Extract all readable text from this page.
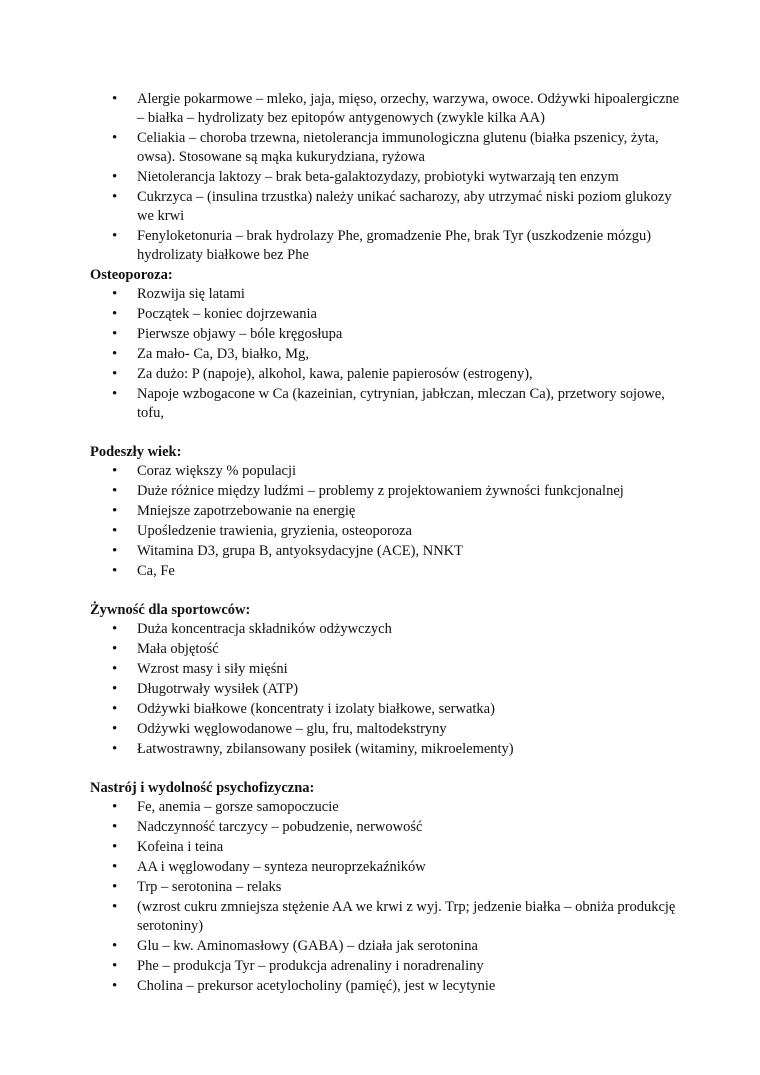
• Alergie pokarmowe – mleko, jaja, mięso, orzechy, warzywa, owoce. Odżywki hipoalergiczne – białka – hydrolizaty bez epitopów antygenowych (zwykle kilka AA)
• Celiakia – choroba trzewna, nietolerancja immunologiczna glutenu (białka pszenicy, żyta, owsa). Stosowane są mąka kukurydziana, ryżowa
• Nietolerancja laktozy – brak beta-galaktozydazy, probiotyki wytwarzają ten enzym
• Cukrzyca – (insulina trzustka) należy unikać sacharozy, aby utrzymać niski poziom glukozy we krwi
• Fenyloketonuria – brak hydrolazy Phe, gromadzenie Phe, brak Tyr (uszkodzenie mózgu) hydrolizaty białkowe bez Phe
Osteoporoza:
• Rozwija się latami
• Początek – koniec dojrzewania
• Pierwsze objawy – bóle kręgosłupa
• Za mało- Ca, D3, białko, Mg,
• Za dużo: P (napoje), alkohol, kawa, palenie papierosów (estrogeny),
• Napoje wzbogacone w Ca (kazeinian, cytrynian, jabłczan, mleczan Ca), przetwory sojowe, tofu,
Podeszły wiek:
• Coraz większy % populacji
• Duże różnice między ludźmi – problemy z projektowaniem żywności funkcjonalnej
• Mniejsze zapotrzebowanie na energię
• Upośledzenie trawienia, gryzienia, osteoporoza
• Witamina D3, grupa B, antyoksydacyjne (ACE), NNKT
• Ca, Fe
Żywność dla sportowców:
• Duża koncentracja składników odżywczych
• Mała objętość
• Wzrost masy i siły mięśni
• Długotrwały wysiłek (ATP)
• Odżywki białkowe (koncentraty i izolaty białkowe, serwatka)
• Odżywki węglowodanowe – glu, fru, maltodekstryny
• Łatwostrawny, zbilansowany posiłek (witaminy, mikroelementy)
Nastrój i wydolność psychofizyczna:
• Fe, anemia – gorsze samopoczucie
• Nadczynność tarczycy – pobudzenie, nerwowość
• Kofeina i teina
• AA i węglowodany – synteza neuroprzekaźników
• Trp – serotonina – relaks
• (wzrost cukru zmniejsza stężenie AA we krwi z wyj. Trp; jedzenie białka – obniża produkcję serotoniny)
• Glu – kw. Aminomasłowy (GABA) – działa jak serotonina
• Phe – produkcja Tyr – produkcja adrenaliny i noradrenaliny
• Cholina – prekursor acetylocholiny (pamięć), jest w lecytynie
